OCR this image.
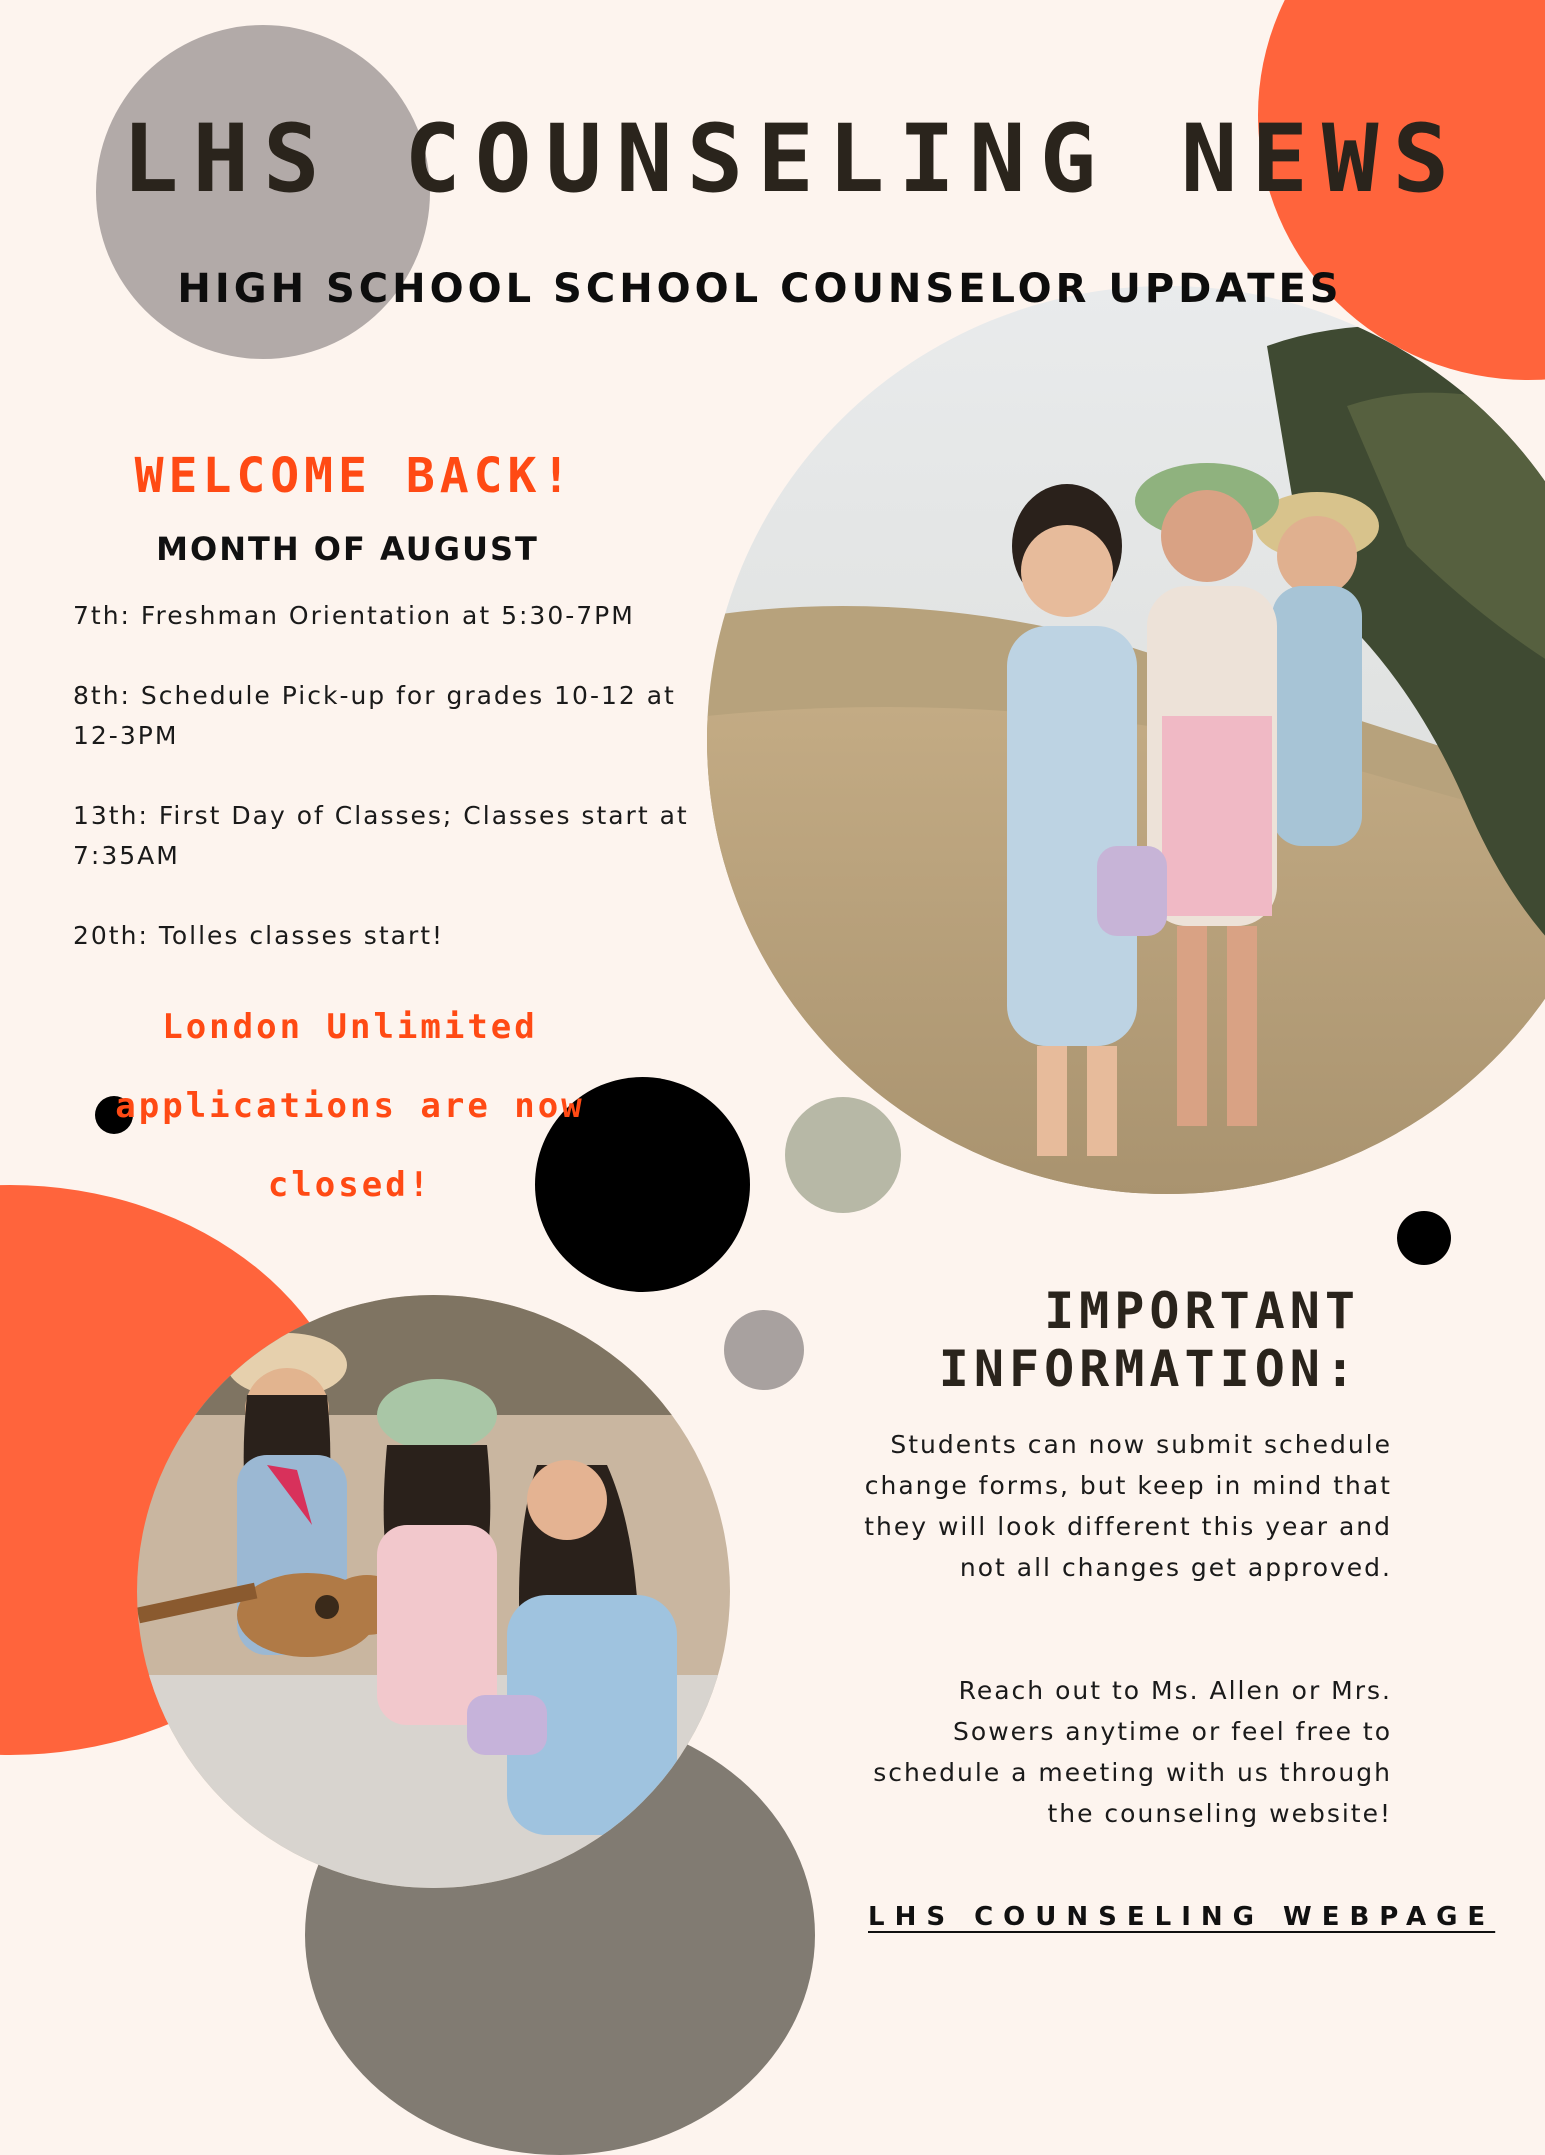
LHS COUNSELING NEWS
HIGH SCHOOL SCHOOL COUNSELOR UPDATES
WELCOME BACK!
MONTH OF AUGUST
7th: Freshman Orientation at 5:30-7PM
8th: Schedule Pick-up for grades 10-12 at 12-3PM
13th: First Day of Classes; Classes start at 7:35AM
20th: Tolles classes start!

London Unlimited applications are now closed!

IMPORTANT
INFORMATION:

Students can now submit schedule change forms, but keep in mind that they will look different this year and not all changes get approved.

Reach out to Ms. Allen or Mrs. Sowers anytime or feel free to schedule a meeting with us through the counseling website!

LHS COUNSELING WEBPAGE
